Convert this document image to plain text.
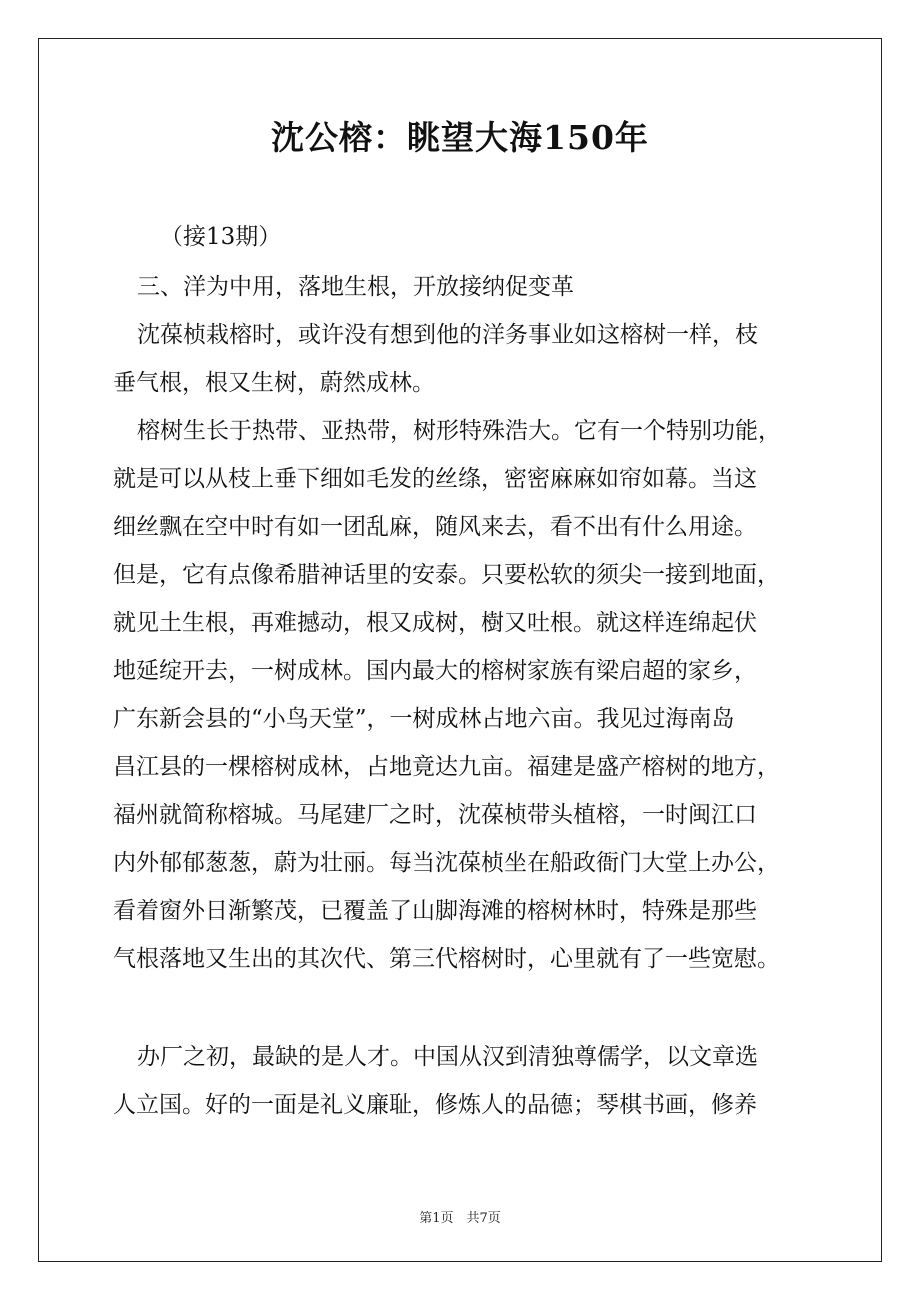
沈公榕：眺望大海150年

（接13期）

三、洋为中用，落地生根，开放接纳促变革

沈葆桢栽榕时，或许没有想到他的洋务事业如这榕树一样，枝

垂气根，根又生树，蔚然成林。

榕树生长于热带、亚热带，树形特殊浩大。它有一个特别功能，

就是可以从枝上垂下细如毛发的丝绦，密密麻麻如帘如幕。当这

细丝飘在空中时有如一团乱麻，随风来去，看不出有什么用途。

但是，它有点像希腊神话里的安泰。只要松软的须尖一接到地面，

就见土生根，再难撼动，根又成树，樹又吐根。就这样连绵起伏

地延绽开去，一树成林。国内最大的榕树家族有梁启超的家乡，

广东新会县的“小鸟天堂”，一树成林占地六亩。我见过海南岛

昌江县的一棵榕树成林，占地竟达九亩。福建是盛产榕树的地方，

福州就简称榕城。马尾建厂之时，沈葆桢带头植榕，一时闽江口

内外郁郁葱葱，蔚为壮丽。每当沈葆桢坐在船政衙门大堂上办公，

看着窗外日渐繁茂，已覆盖了山脚海滩的榕树林时，特殊是那些

气根落地又生出的其次代、第三代榕树时，心里就有了一些宽慰。

办厂之初，最缺的是人才。中国从汉到清独尊儒学，以文章选

人立国。好的一面是礼义廉耻，修炼人的品德；琴棋书画，修养

第1页　共7页
